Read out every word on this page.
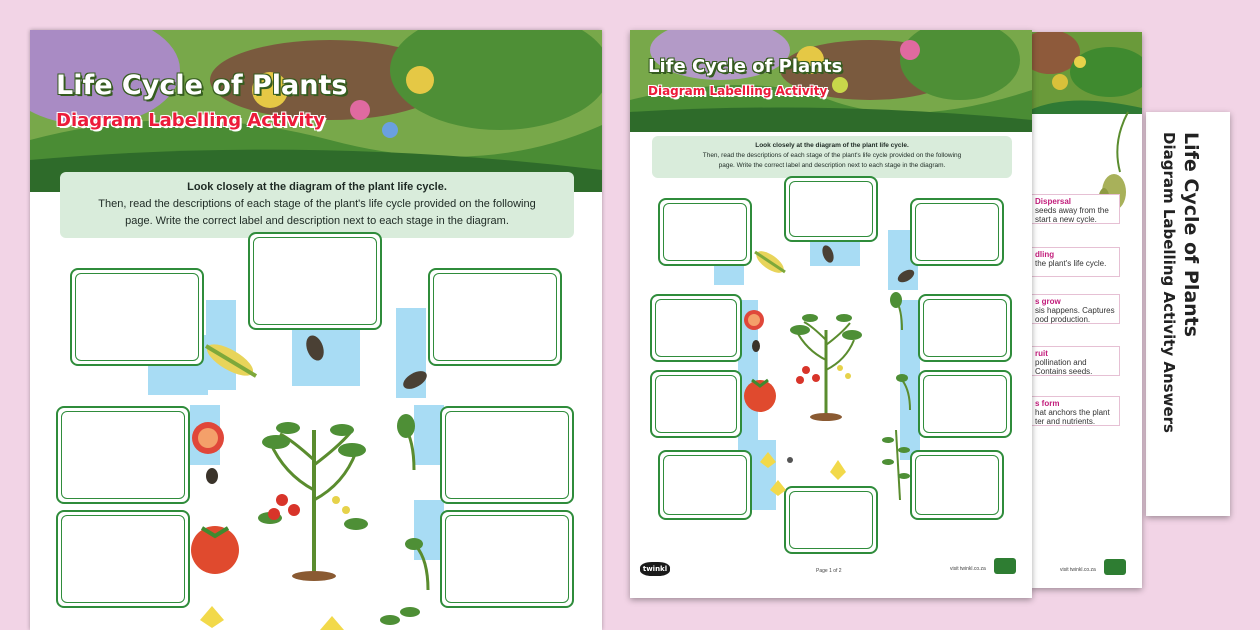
Life Cycle of Plants
Diagram Labelling Activity Answers
Dispersal
seeds away from the
start a new cycle.
dling
the plant's life cycle.
s grow
sis happens. Captures
ood production.
ruit
pollination and
Contains seeds.
s form
hat anchors the plant
ter and nutrients.
visit twinkl.co.za
Life Cycle of Plants
Diagram Labelling Activity

Look closely at the diagram of the plant life cycle.

Then, read the descriptions of each stage of the plant's life cycle provided on the following

page. Write the correct label and description next to each stage in the diagram.

twinkl	Page 1 of 2	visit twinkl.co.za
Life Cycle of Plants
Diagram Labelling Activity

Look closely at the diagram of the plant life cycle.

Then, read the descriptions of each stage of the plant's life cycle provided on the following

page. Write the correct label and description next to each stage in the diagram.
